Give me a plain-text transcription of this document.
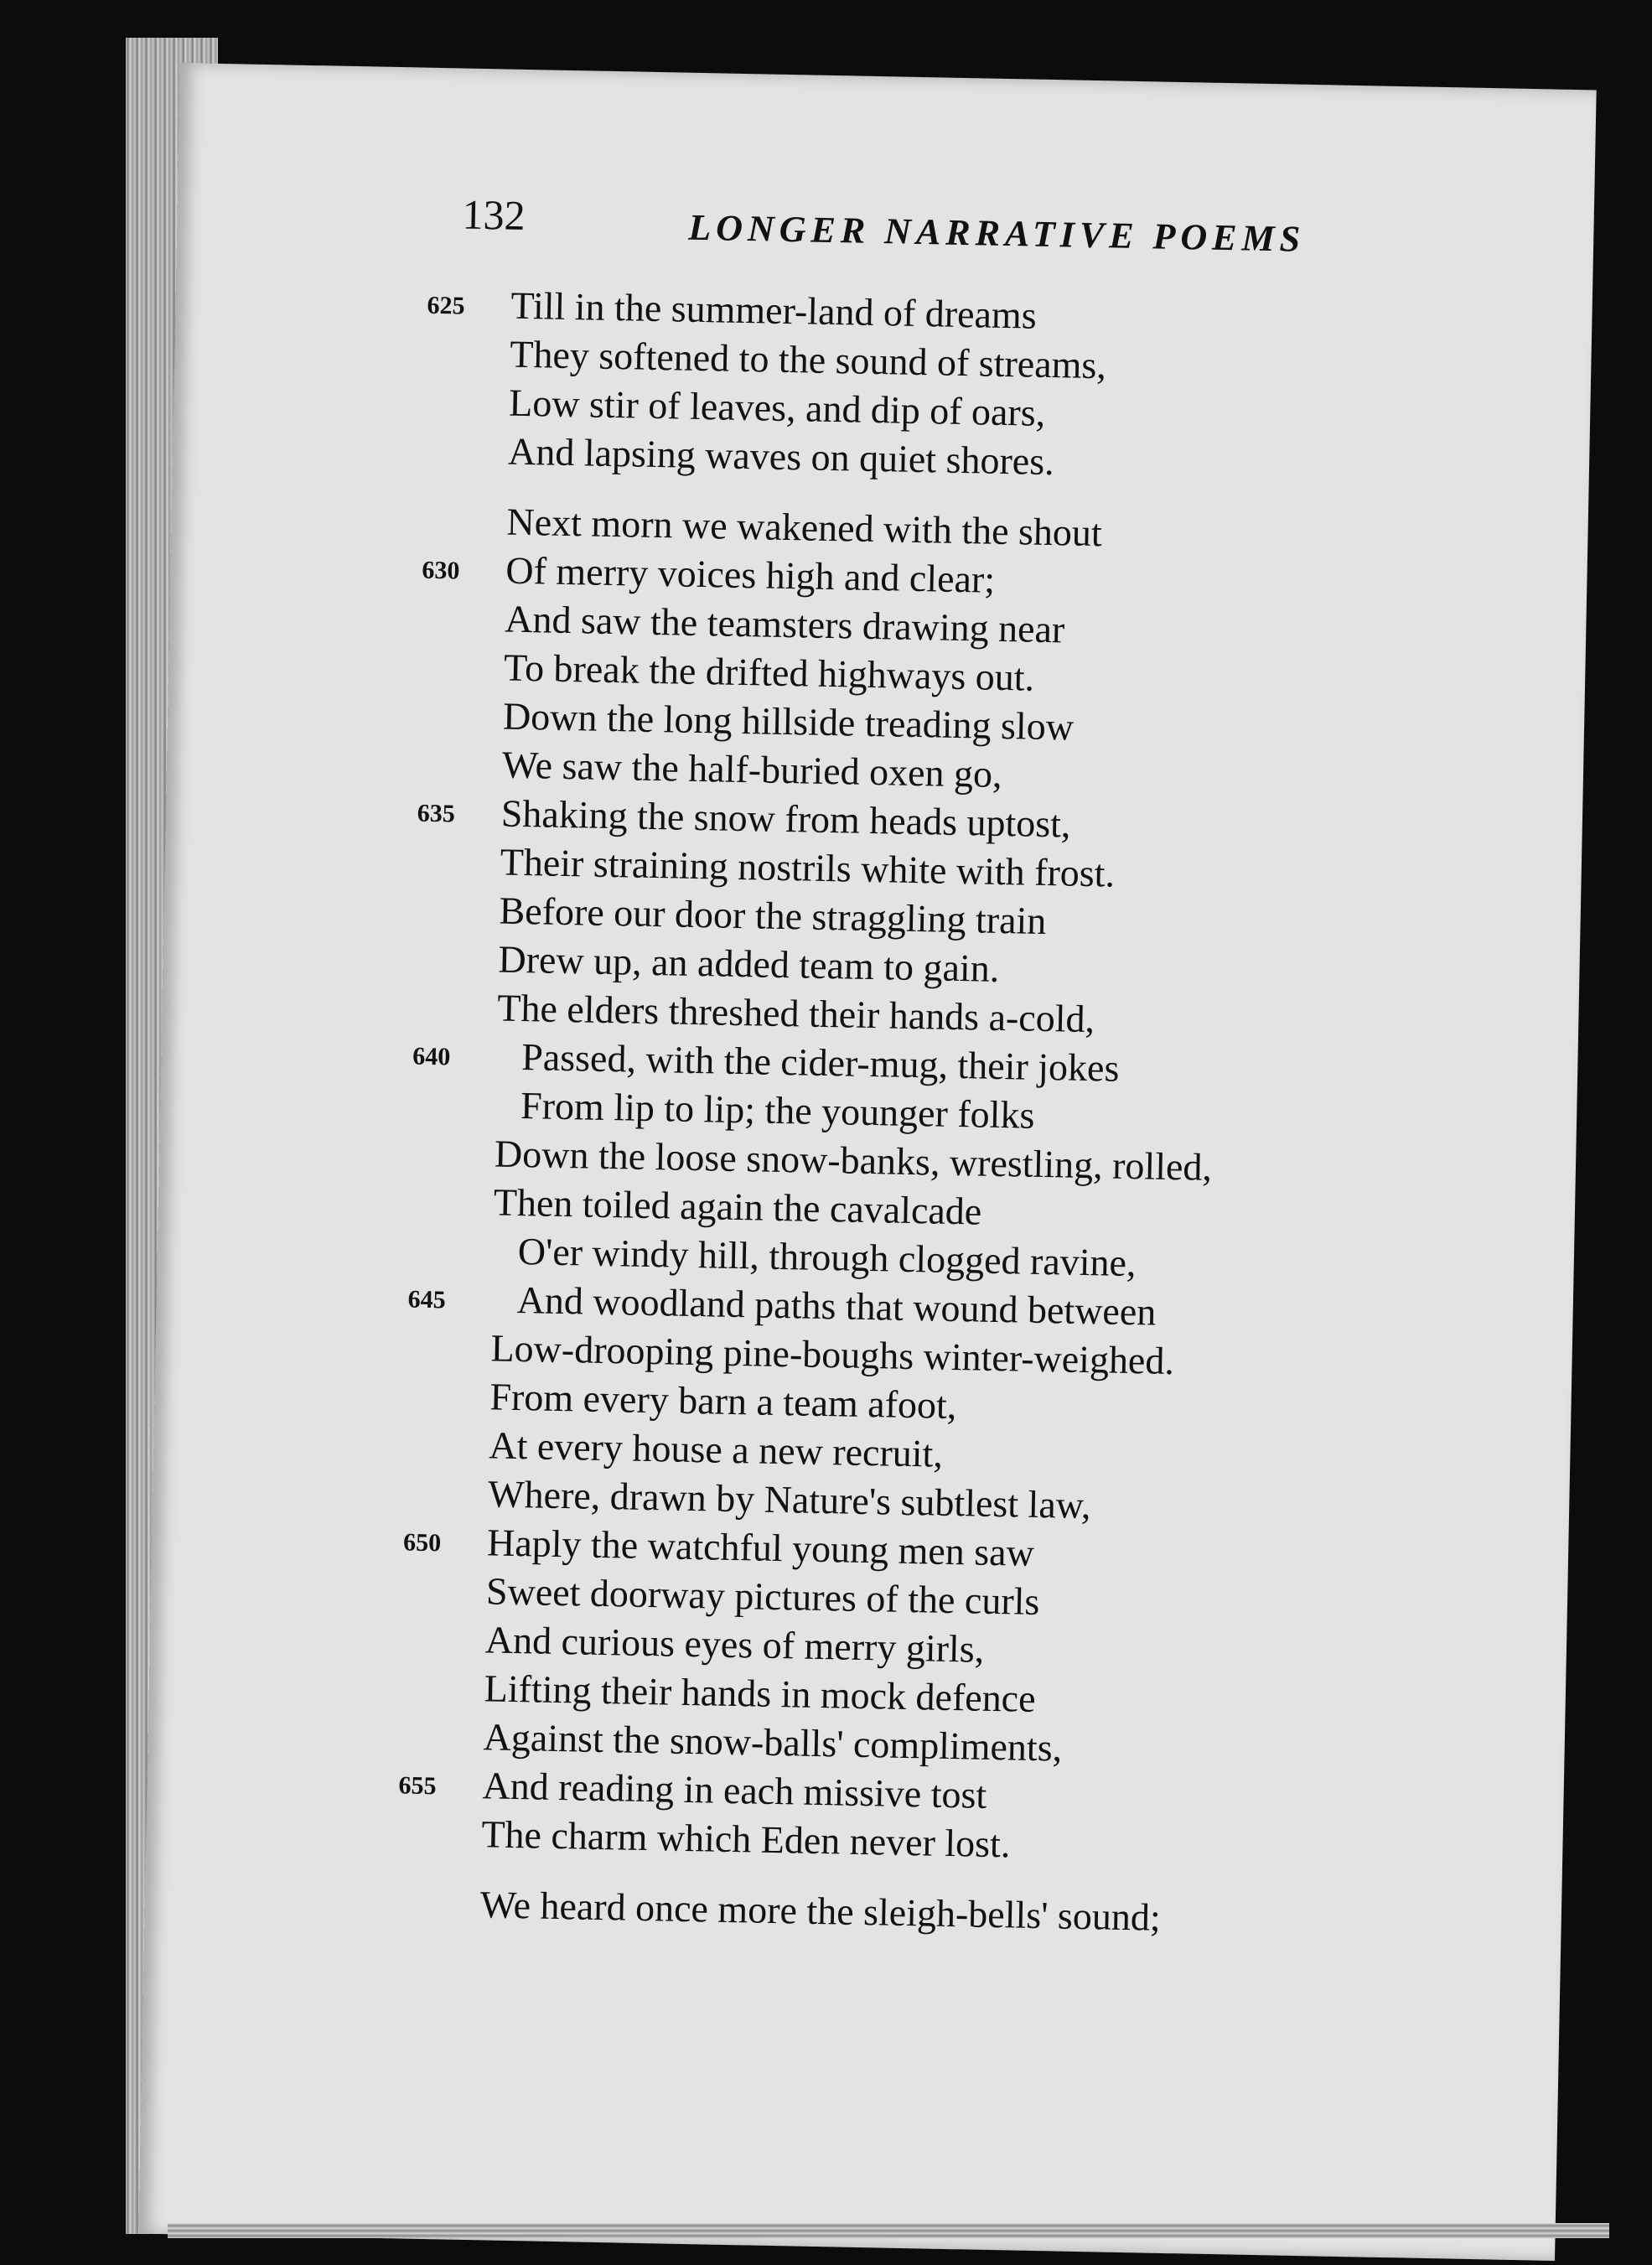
132	LONGER NARRATIVE POEMS
625 Till in the summer-land of dreams
They softened to the sound of streams,
Low stir of leaves, and dip of oars,
And lapsing waves on quiet shores.
Next morn we wakened with the shout
630 Of merry voices high and clear;
And saw the teamsters drawing near
To break the drifted highways out.
Down the long hillside treading slow
We saw the half-buried oxen go,
635 Shaking the snow from heads uptost,
Their straining nostrils white with frost.
Before our door the straggling train
Drew up, an added team to gain.
The elders threshed their hands a-cold,
640 Passed, with the cider-mug, their jokes
From lip to lip; the younger folks
Down the loose snow-banks, wrestling, rolled,
Then toiled again the cavalcade
O'er windy hill, through clogged ravine,
645 And woodland paths that wound between
Low-drooping pine-boughs winter-weighed.
From every barn a team afoot,
At every house a new recruit,
Where, drawn by Nature's subtlest law,
650 Haply the watchful young men saw
Sweet doorway pictures of the curls
And curious eyes of merry girls,
Lifting their hands in mock defence
Against the snow-balls' compliments,
655 And reading in each missive tost
The charm which Eden never lost.
We heard once more the sleigh-bells' sound;
